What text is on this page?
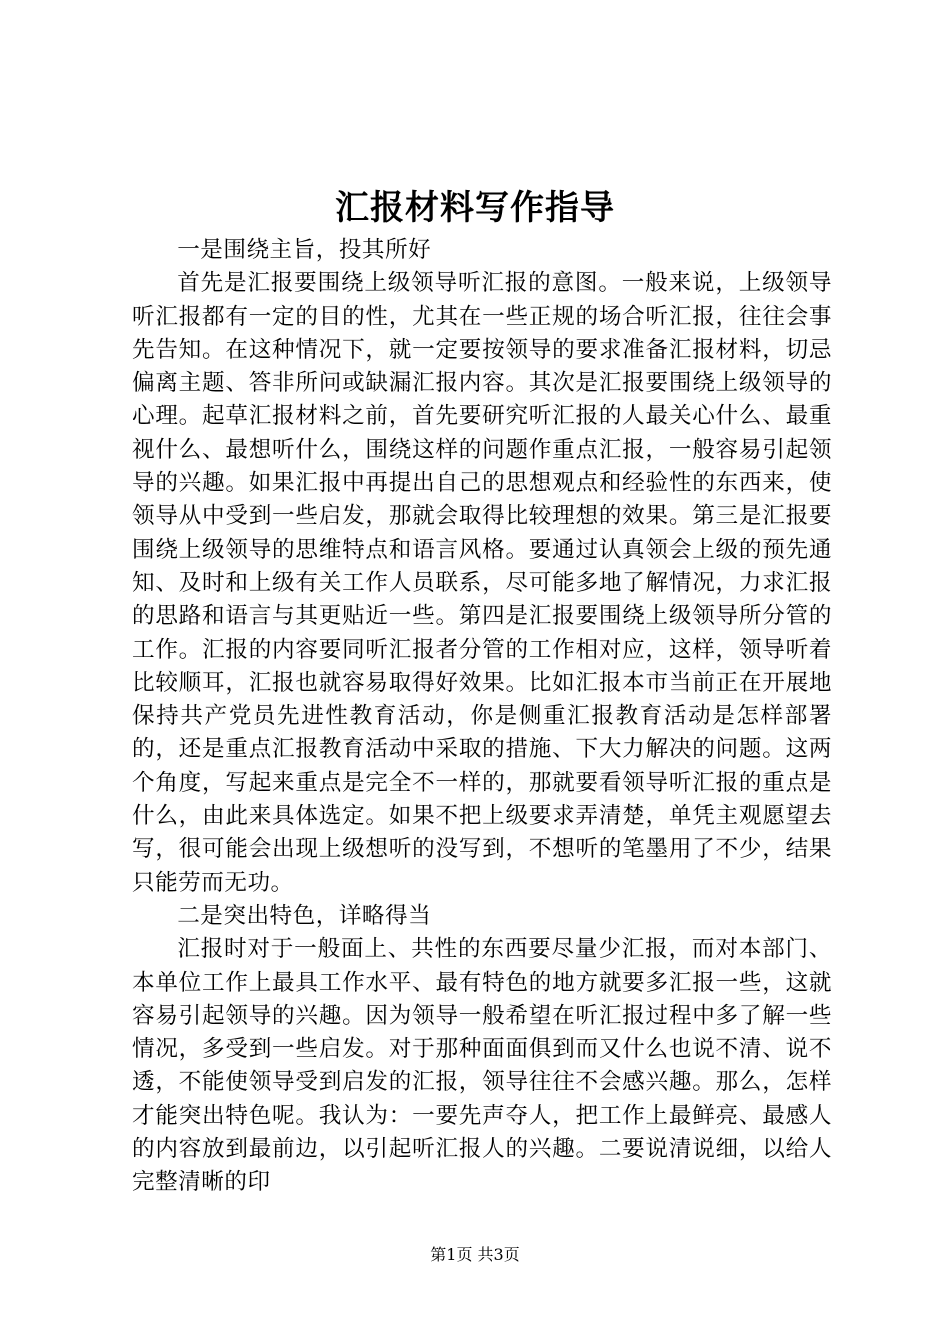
汇报材料写作指导

一是围绕主旨，投其所好

首先是汇报要围绕上级领导听汇报的意图。一般来说，上级领导听汇报都有一定的目的性，尤其在一些正规的场合听汇报，往往会事先告知。在这种情况下，就一定要按领导的要求准备汇报材料，切忌偏离主题、答非所问或缺漏汇报内容。其次是汇报要围绕上级领导的心理。起草汇报材料之前，首先要研究听汇报的人最关心什么、最重视什么、最想听什么，围绕这样的问题作重点汇报，一般容易引起领导的兴趣。如果汇报中再提出自己的思想观点和经验性的东西来，使领导从中受到一些启发，那就会取得比较理想的效果。第三是汇报要围绕上级领导的思维特点和语言风格。要通过认真领会上级的预先通知、及时和上级有关工作人员联系，尽可能多地了解情况，力求汇报的思路和语言与其更贴近一些。第四是汇报要围绕上级领导所分管的工作。汇报的内容要同听汇报者分管的工作相对应，这样，领导听着比较顺耳，汇报也就容易取得好效果。比如汇报本市当前正在开展地保持共产党员先进性教育活动，你是侧重汇报教育活动是怎样部署的，还是重点汇报教育活动中采取的措施、下大力解决的问题。这两个角度，写起来重点是完全不一样的，那就要看领导听汇报的重点是什么，由此来具体选定。如果不把上级要求弄清楚，单凭主观愿望去写，很可能会出现上级想听的没写到，不想听的笔墨用了不少，结果只能劳而无功。

二是突出特色，详略得当

汇报时对于一般面上、共性的东西要尽量少汇报，而对本部门、本单位工作上最具工作水平、最有特色的地方就要多汇报一些，这就容易引起领导的兴趣。因为领导一般希望在听汇报过程中多了解一些情况，多受到一些启发。对于那种面面俱到而又什么也说不清、说不透，不能使领导受到启发的汇报，领导往往不会感兴趣。那么，怎样才能突出特色呢。我认为：一要先声夺人，把工作上最鲜亮、最感人的内容放到最前边，以引起听汇报人的兴趣。二要说清说细，以给人完整清晰的印

第1页 共3页
